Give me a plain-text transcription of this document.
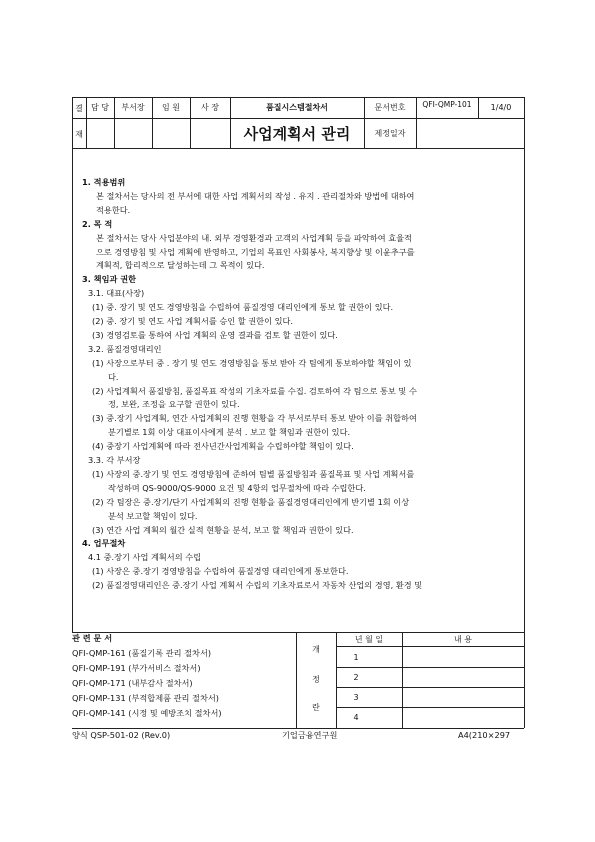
결
재
담 당	부서장	임 원	사 장	품질시스템절차서	문서번호	QFI-QMP-101	1/4/0
사업계획서 관리	제정일자
1. 적용범위
본 절차서는 당사의 전 부서에 대한 사업 계획서의 작성 . 유지 . 관리절차와 방법에 대하여
적용한다.
2. 목 적
본 절차서는 당사 사업분야의 내. 외부 경영환경과 고객의 사업계획 등을 파악하여 효율적
으로 경영방침 및 사업 계획에 반영하고, 기업의 목표인 사회봉사, 복지향상 및 이윤추구를
계획적, 합리적으로 달성하는데 그 목적이 있다.
3. 책임과 권한
3.1. 대표(사장)
(1) 중. 장기 및 연도 경영방침을 수립하여 품질경영 대리인에게 통보 할 권한이 있다.
(2) 중. 장기 및 연도 사업 계획서를 승인 할 권한이 있다.
(3) 경영검토를 통하여 사업 계획의 운영 결과를 검토 할 권한이 있다.
3.2. 품질경영대리인
(1) 사장으로부터 중 . 장기 및 연도 경영방침을 통보 받아 각 팀에게 통보하야할 책임이 있
다.
(2) 사업계획서 품질방침, 품질목표 작성의 기초자료를 수집. 검토하여 각 팀으로 통보 및 수
정, 보완, 조정을 요구할 권한이 있다.
(3) 중.장기 사업계획, 연간 사업계획의 진행 현황을 각 부서로부터 통보 받아 이를 취합하여
분기별로 1회 이상 대표이사에게 분석 . 보고 할 책임과 권한이 있다.
(4) 중장기 사업계획에 따라 전사년간사업계획을 수립하야할 책임이 있다.
3.3. 각 부서장
(1) 사장의 중.장기 및 연도 경영방침에 준하여 팀별 품질방침과 품질목표 및 사업 계획서를
작성하며 QS-9000/QS-9000 요건 및 4항의 업무절차에 따라 수립한다.
(2) 각 팀장은 중.장기/단기 사업계획의 진행 현황을 품질경영대리인에게 반기별 1회 이상
분석 보고할 책임이 있다.
(3) 연간 사업 계획의 월간 실적 현황을 분석, 보고 할 책임과 권한이 있다.
4. 업무절차
4.1 중.장기 사업 계획서의 수립
(1) 사장은 중.장기 경영방침을 수립하여 품질경영 대리인에게 통보한다.
(2) 품질경영대리인은 중.장기 사업 계획서 수립의 기초자료로서 자동차 산업의 경영, 환경 및
관 련 문 서
QFI-QMP-161 (품질기록 관리 절차서)
QFI-QMP-191 (부가서비스 절차서)
QFI-QMP-171 (내부감사 절차서)
QFI-QMP-131 (부적합제품 관리 절차서)
QFI-QMP-141 (시정 및 예방조치 절차서)
개
정
란
년 월 일	내 용
1
2
3
4
양식 QSP-501-02 (Rev.0)	기업금융연구원	A4(210×297
